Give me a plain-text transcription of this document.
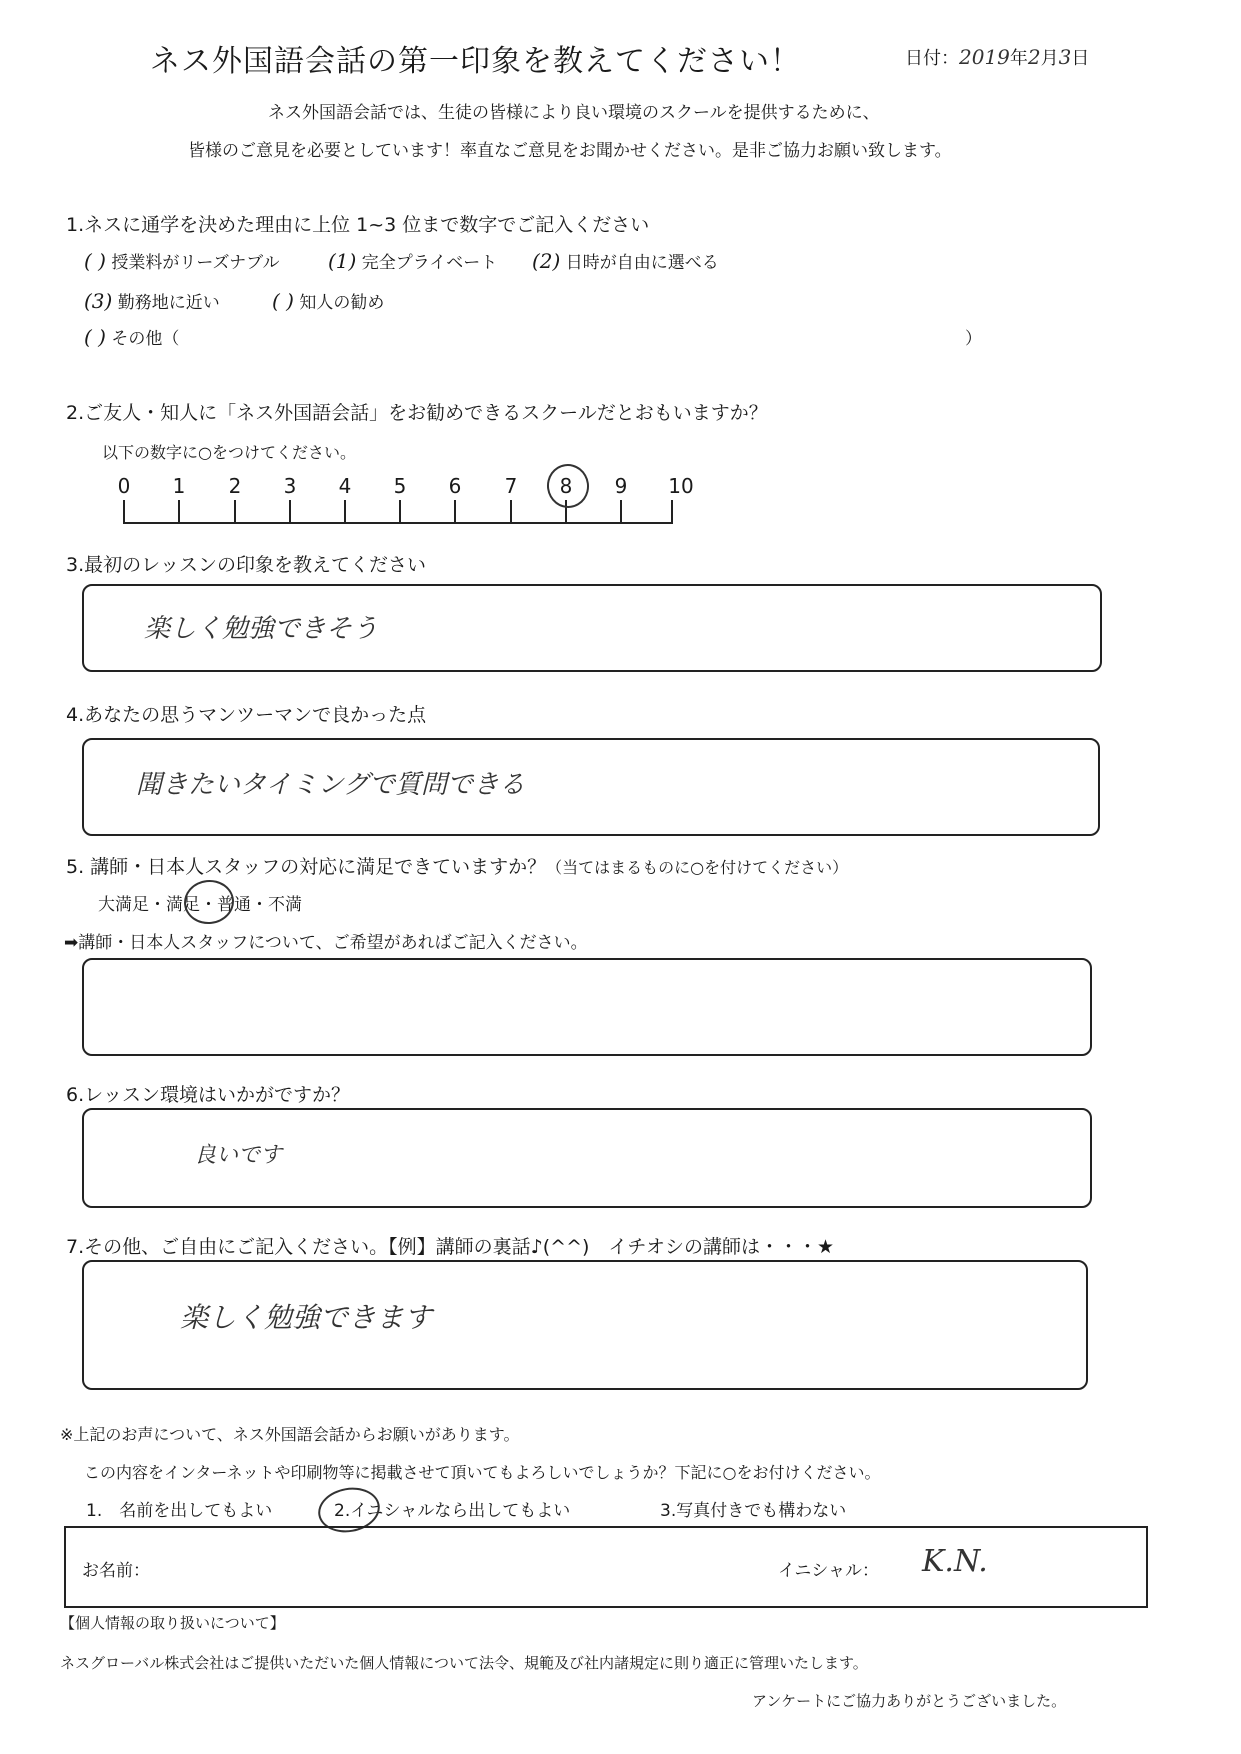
ネス外国語会話の第一印象を教えてください！	日付：2019年2月3日
ネス外国語会話では、生徒の皆様により良い環境のスクールを提供するために、
皆様のご意見を必要としています！率直なご意見をお聞かせください。是非ご協力お願い致します。
1.ネスに通学を決めた理由に上位 1~3 位まで数字でご記入ください
( ) 授業料がリーズナブル (1) 完全プライベート (2) 日時が自由に選べる
(3) 勤務地に近い	( ) 知人の勧め
( ) その他（	）
2.ご友人・知人に「ネス外国語会話」をお勧めできるスクールだとおもいますか？
以下の数字に○をつけてください。
0 1 2 3 4 5 6 7 8 9 10
3.最初のレッスンの印象を教えてください
楽しく勉強できそう
4.あなたの思うマンツーマンで良かった点
聞きたいタイミングで質問できる
5. 講師・日本人スタッフの対応に満足できていますか？（当てはまるものに○を付けてください）
大満足・満足・普通・不満
➡講師・日本人スタッフについて、ご希望があればご記入ください。
6.レッスン環境はいかがですか？
良いです
7.その他、ご自由にご記入ください。【例】講師の裏話♪(^^)　イチオシの講師は・・・★
楽しく勉強できます
※上記のお声について、ネス外国語会話からお願いがあります。
この内容をインターネットや印刷物等に掲載させて頂いてもよろしいでしょうか？下記に○をお付けください。
1.　名前を出してもよい	2.イニシャルなら出してもよい	3.写真付きでも構わない
お名前：	イニシャル： K.N.
【個人情報の取り扱いについて】
ネスグローバル株式会社はご提供いただいた個人情報について法令、規範及び社内諸規定に則り適正に管理いたします。
アンケートにご協力ありがとうございました。
